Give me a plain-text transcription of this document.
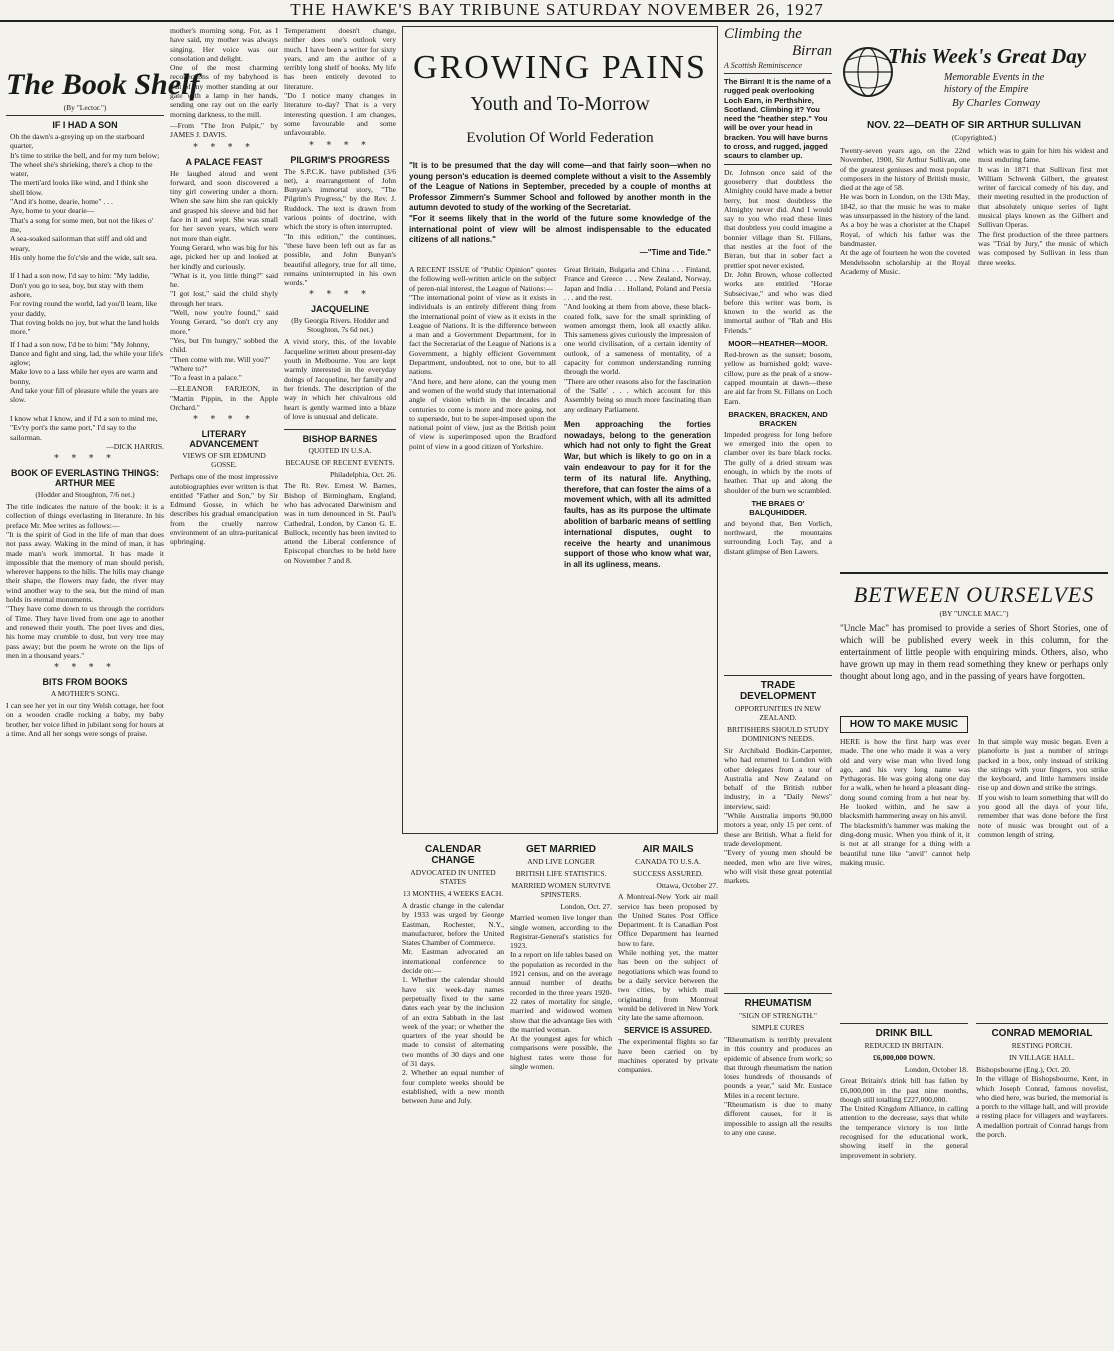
THE HAWKE'S BAY TRIBUNE SATURDAY NOVEMBER 26, 1927
The Book Shelf
(By "Lector.")
IF I HAD A SON
Oh the dawn's a-greying up on the starboard quarter,
It's time to strike the bell, and for my turn below;
The wheel she's shrieking, there's a chop to the water,
The merti'ard looks like wind, and I think she shell blow.
"And it's home, dearie, home" . . .
Aye, home to your dearie—
That's a song for some men, but not the likes o' me,
A sea-soaked sailorman that stiff and old and weary,
His only home the fo'c'sle and the wide, salt sea.

If I had a son now, I'd say to him: "My laddie,
Don't you go to sea, boy, but stay with them ashore,
For roving round the world, lad you'll learn, like your daddy,
That roving holds no joy, but what the land holds more."
If I had a son now, I'd be to him: "My Johnny,
Dance and fight and sing, lad, the while your life's aglow;
Make love to a lass while her eyes are warm and bonny,
And take your fill of pleasure while the years are slow.

I know what I know, and if I'd a son to mind me,
"Ev'ry port's the same port," I'd say to the sailorman.
—DICK HARRIS.
* * * *
BOOK OF EVERLASTING THINGS: ARTHUR MEE
(Hodder and Stoughton, 7/6 net.)
The title indicates the nature of the book: it is a collection of things everlasting in literature. In his preface Mr. Mee writes as follows:—
"It is the spirit of God in the life of man that does not pass away. Waking in the mind of man, it has made man's work immortal. It has made it impossible that the memory of man should perish, wherever happens to the hills. The hills may change their shape, the flowers may fade, the river may wind another way to the sea, but the mind of man holds its eternal monuments.
"They have come down to us through the corridors of Time. They have lived from one age to another and renewed their youth. The poet lives and dies, his home may crumble to dust, but very tree may pass away; but the poem he wrote on the lips of men in a thousand years."
* * * *
BITS FROM BOOKS
A MOTHER'S SONG.
I can see her yet in our tiny Welsh cottage, her foot on a wooden cradle rocking a baby, my baby brother, her voice lifted in jubilant song for hours at a time. And all her songs were songs of praise.
mother's morning song. For, as I have said, my mother was always singing. Her voice was our consolation and delight.
One of the most charming recollections of my babyhood is that of my mother standing at our gate with a lamp in her hands, sending one ray out on the early morning darkness, to the mill.
—From "The Iron Pulpit," by JAMES J. DAVIS.
* * * *
A PALACE FEAST
He laughed aloud and went forward, and soon discovered a tiny girl cowering under a thorn. When she saw him she ran quickly and grasped his sleeve and hid her face in it and wept. She was small for her seven years, which were not more than eight.
Young Gerard, who was big for his age, picked her up and looked at her kindly and curiously.
"What is it, you little thing?" said he.
"I got lost," said the child shyly through her tears.
"Well, now you're found," said Young Gerard, "so don't cry any more."
"Yes, but I'm hungry," sobbed the child.
"Then come with me. Will you?"
"Where to?"
"To a feast in a palace."
—ELEANOR FARJEON, in "Martin Pippin, in the Apple Orchard."
* * * *
LITERARY ADVANCEMENT
VIEWS OF SIR EDMUND GOSSE.
Perhaps one of the most impressive autobiographies ever written is that entitled "Father and Son," by Sir Edmund Gosse, in which he describes his gradual emancipation from the cruelly narrow environment of an ultra-puritanical upbringing.
Temperament doesn't change, neither does one's outlook very much. I have been a writer for sixty years, and am the author of a terribly long shelf of books. My life has been entirely devoted to literature.
"Do I notice many changes in literature to-day? That is a very interesting question. I am changes, some favourable and some unfavourable.
* * * *
PILGRIM'S PROGRESS
The S.P.C.K. have published (3/6 net), a rearrangement of John Bunyan's immortal story, "The Pilgrim's Progress," by the Rev. J. Ruddock. The text is drawn from various points of doctrine, with which the story is often interrupted.
"In this edition," the continues, "these have been left out as far as possible, and John Bunyan's beautiful allegory, true for all time, remains uninterrupted in his own words."
* * * *
JACQUELINE
(By Georgia Rivers. Hodder and Stoughton, 7s 6d net.)
A vivid story, this, of the lovable Jacqueline written about present-day youth in Melbourne. You are kept warmly interested in the everyday doings of Jacqueline, her family and her friends. The description of the way in which her chivalrous old heart is gently warmed into a blaze of love is unusual and delicate.
BISHOP BARNES
QUOTED IN U.S.A.
BECAUSE OF RECENT EVENTS.
Philadelphia, Oct. 26.
The Rt. Rev. Ernest W. Barnes, Bishop of Birmingham, England, who has advocated Darwinism and was in turn denounced in St. Paul's Cathedral, London, by Canon G. E. Bullock, recently has been invited to attend the Liberal conference of Episcopal churches to be held here on November 7 and 8.
GROWING PAINS
Youth and To-Morrow
Evolution Of World Federation
"It is to be presumed that the day will come—and that fairly soon—when no young person's education is deemed complete without a visit to the Assembly of the League of Nations in September, preceded by a couple of months at Professor Zimmern's Summer School and followed by another month in the autumn devoted to study of the working of the Secretariat.
"For it seems likely that in the world of the future some knowledge of the international point of view will be almost indispensable to the educated citizens of all nations."
—"Time and Tide."
A RECENT ISSUE of "Public Opinion" quotes the following well-written article on the subject of peren-nial interest, the League of Nations:—
"The international point of view as it exists in individuals is an entirely different thing from the international point of view as it exists in the League of Nations. It is the difference between a man and a Government Department, for in fact the Secretariat of the League of Nations is a Government, a highly efficient Government Department, undoubted, not to one, but to all nations.
"And here, and here alone, can the young men and women of the world study that international angle of vision which in the decades and centuries to come is more and more going, not to supersede, but to be super-imposed upon the national point of view, just as the British point of view is superimposed upon the Bradford point of view in a good citizen of Yorkshire.
Great Britain, Bulgaria and China . . . Finland, France and Greece . . . New Zealand, Norway, Japan and India . . . Holland, Poland and Persia . . . and the rest.
"And looking at them from above, these black-coated folk, save for the small sprinkling of women amongst them, look all exactly alike. This sameness gives curiously the impression of one world civilisation, of a certain identity of outlook, of a sameness of mentality, of a capacity for common understanding running through the world.
"There are other reasons also for the fascination of the 'Salle' . . . which account for this Assembly being so much more fascinating than any ordinary Parliament.
Men approaching the forties nowadays, belong to the generation which had not only to fight the Great War, but which is likely to go on in a vain endeavour to pay for it for the term of its natural life. Anything, therefore, that can foster the aims of a movement which, with all its admitted faults, has as its purpose the ultimate abolition of barbaric means of settling international disputes, ought to receive the hearty and unanimous support of those who know what war, in all its ugliness, means.
CALENDAR CHANGE
ADVOCATED IN UNITED STATES
13 MONTHS, 4 WEEKS EACH.
A drastic change in the calendar by 1933 was urged by George Eastman, Rochester, N.Y., manufacturer, before the United States Chamber of Commerce.
Mr. Eastman advocated an international conference to decide on:—
1. Whether the calendar should have six week-day names perpetually fixed to the same dates each year by the inclusion of an extra Sabbath in the last week of the year; or whether the quarters of the year should be made to consist of alternating two months of 30 days and one of 31 days.
2. Whether an equal number of four complete weeks should be established, with a new month between June and July.
GET MARRIED
AND LIVE LONGER
BRITISH LIFE STATISTICS.
MARRIED WOMEN SURVIVE SPINSTERS.
London, Oct. 27.
Married women live longer than single women, according to the Registrar-General's statistics for 1923.
In a report on life tables based on the population as recorded in the 1921 census, and on the average annual number of deaths recorded in the three years 1920-22 rates of mortality for single, married and widowed women show that the advantage lies with the married woman.
At the youngest ages for which comparisons were possible, the highest rates were those for single women.
AIR MAILS
CANADA TO U.S.A.
SUCCESS ASSURED.
Ottawa, October 27.
A Montreal-New York air mail service has been proposed by the United States Post Office Department. It is Canadian Post Office Department has learned how to fare.
While nothing yet, the matter has been on the subject of negotiations which was found to be a daily service between the two cities, by which mail originating from Montreal would be delivered in New York city late the same afternoon.
SERVICE IS ASSURED.
The experimental flights so far have been carried on by machines operated by private companies.
Climbing the
Birran
A Scottish Reminiscence
The Birran! It is the name of a rugged peak overlooking Loch Earn, in Perthshire, Scotland. Climbing it? You need the "heather step." You will be over your head in bracken. You will have burns to cross, and rugged, jagged scaurs to clamber up.
Dr. Johnson once said of the gooseberry that doubtless the Almighty could have made a better berry, but most doubtless the Almighty never did. And I would say to you who read these lines that doubtless you could imagine a bonnier village than St. Fillans, that nestles at the foot of the Birran, but that in sober fact a prettier spot never existed.
Dr. John Brown, whose collected works are entitled "Horae Subsecivae," and who was died before this writer was born, is known to the world as the immortal author of "Rab and His Friends."
MOOR—HEATHER—MOOR.
Red-brown as the sunset; bosom, yellow as burnished gold; wave-cillow, pure as the peak of a snow-capped mountain at dawn—these are aid far from St. Fillans on Loch Earn.
BRACKEN, BRACKEN, AND BRACKEN
Impeded progress for long before we emerged into the open to clamber over its bare black rocks. The gully of a dried stream was enough, in which by the roots of heather. That up and along the shoulder of the burn we scrambled.
THE BRAES O' BALQUHIDDER.
and beyond that, Ben Vorlich, northward, the mountains surrounding Loch Tay, and a distant glimpse of Ben Lawers.
TRADE DEVELOPMENT
OPPORTUNITIES IN NEW ZEALAND.
BRITISHERS SHOULD STUDY DOMINION'S NEEDS.
Sir Archibald Bodkin-Carpenter, who had returned to London with other delegates from a tour of Australia and New Zealand on behalf of the British rubber industry, in a "Daily News" interview, said:
"While Australia imports 90,000 motors a year, only 15 per cent. of these are British. What a field for trade development.
"Every of young men should be needed, men who are live wires, who will visit these great potential markets.
RHEUMATISM
"SIGN OF STRENGTH."
SIMPLE CURES
"Rheumatism is terribly prevalent in this country and produces an epidemic of absence from work; so that through rheumatism the nation loses hundreds of thousands of pounds a year," said Mr. Eustace Miles in a recent lecture.
"Rheumatism is due to many different causes, for it is impossible to assign all the results to any one cause.
This Week's Great Day
Memorable Events in the
history of the Empire
By Charles Conway
NOV. 22—DEATH OF SIR ARTHUR SULLIVAN
(Copyrighted.)
Twenty-seven years ago, on the 22nd November, 1900, Sir Arthur Sullivan, one of the greatest geniuses and most popular composers in the history of British music, died at the age of 58.
He was born in London, on the 13th May, 1842, so that the music he was to make was unsurpassed in the history of the land. As a boy he was a chorister at the Chapel Royal, of which his father was the bandmaster.
At the age of fourteen he won the coveted Mendelssohn scholarship at the Royal Academy of Music.
which was to gain for him his widest and most enduring fame.
It was in 1871 that Sullivan first met William Schwenk Gilbert, the greatest writer of farcical comedy of his day, and their meeting resulted in the production of that absolutely unique series of light musical plays known as the Gilbert and Sullivan Operas.
The first production of the three partners was "Trial by Jury," the music of which was composed by Sullivan in less than three weeks.
BETWEEN OURSELVES
(BY "UNCLE MAC.")
"Uncle Mac" has promised to provide a series of Short Stories, one of which will be published every week in this column, for the entertainment of little people with enquiring minds. Others, also, who have grown up may in them read something they knew or perhaps only thought about long ago, and in the passing of years have forgotten.
HOW TO MAKE MUSIC
HERE is how the first harp was ever made. The one who made it was a very old and very wise man who lived long ago, and his very long name was Pythagoras. He was going along one day for a walk, when he heard a pleasant ding-dong sound coming from a hut near by. He looked within, and he saw a blacksmith hammering away on his anvil.
The blacksmith's hammer was making the ding-dong music. When you think of it, it is not at all strange for a thing with a beautiful tune like "anvil" cannot help making music.
In that simple way music began. Even a pianoforte is just a number of strings packed in a box, only instead of striking the strings with your fingers, you strike the keyboard, and little hammers inside rise up and down and strike the strings.
If you wish to learn something that will do you good all the days of your life, remember that was done before the first note of music was brought out of a common length of string.
DRINK BILL
REDUCED IN BRITAIN.
£6,000,000 DOWN.
London, October 18.
Great Britain's drink bill has fallen by £6,000,000 in the past nine months, though still totalling £227,000,000.
The United Kingdom Alliance, in calling attention to the decrease, says that while the temperance victory is too little recognised for the educational work, showing itself in the general improvement in sobriety.
CONRAD MEMORIAL
RESTING PORCH.
IN VILLAGE HALL.
Bishopsbourne (Eng.), Oct. 20.
In the village of Bishopsbourne, Kent, in which Joseph Conrad, famous novelist, who died here, was buried, the memorial is a porch to the village hall, and will provide a resting place for villagers and wayfarers. A medallion portrait of Conrad hangs from the porch.
